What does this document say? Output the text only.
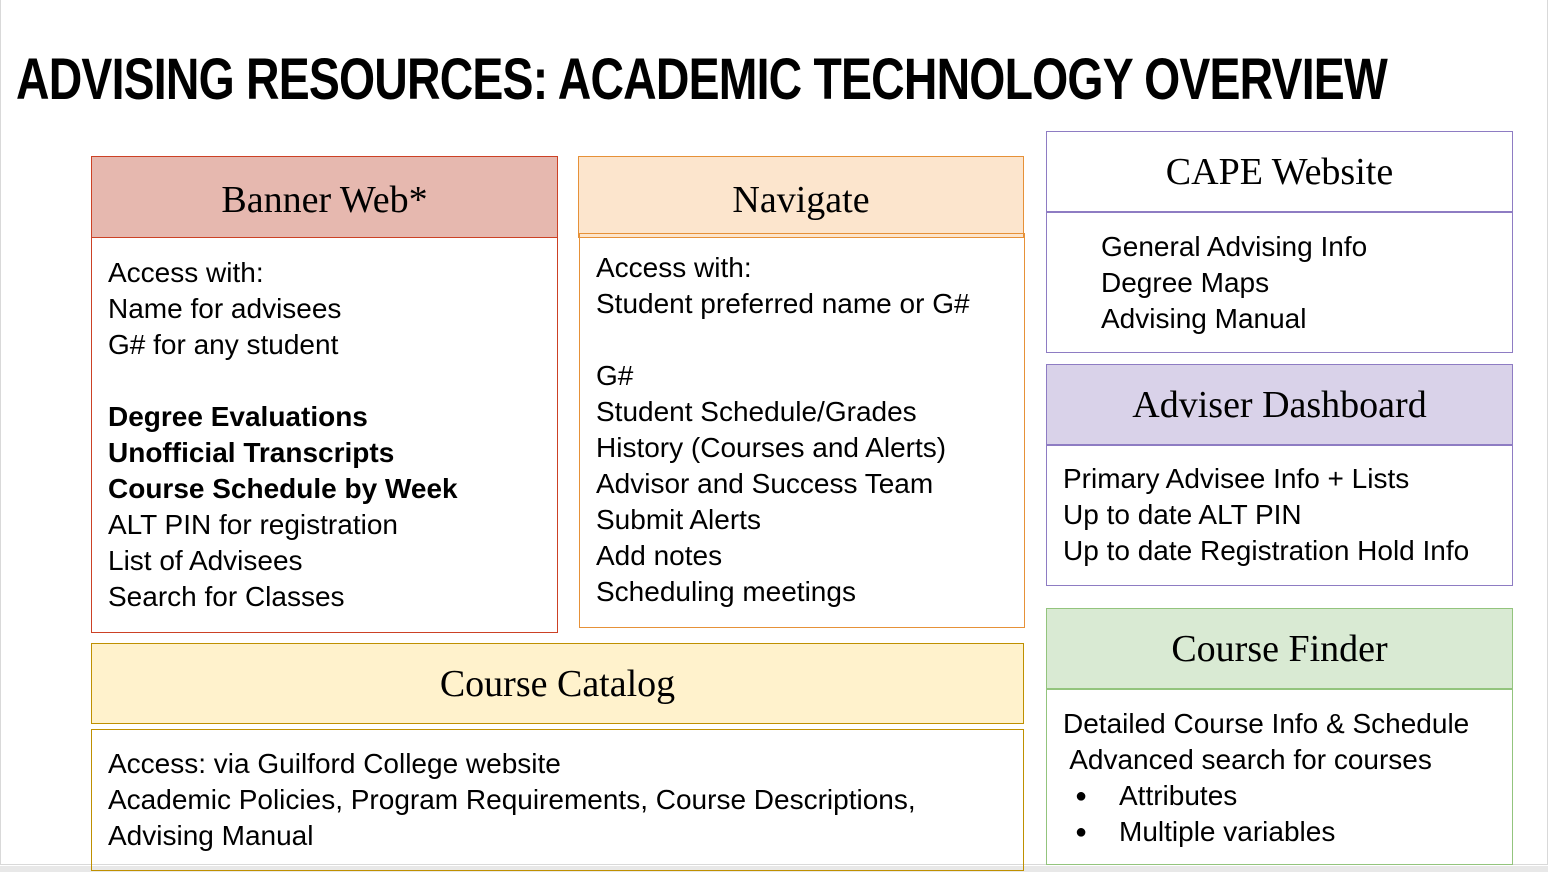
ADVISING RESOURCES: ACADEMIC TECHNOLOGY OVERVIEW
Banner Web*
Access with:
Name for advisees
G# for any student
Degree Evaluations
Unofficial Transcripts
Course Schedule by Week
ALT PIN for registration
List of Advisees
Search for Classes
Navigate
Access with:
Student preferred name or G#
G#
Student Schedule/Grades
History (Courses and Alerts)
Advisor and Success Team
Submit Alerts
Add notes
Scheduling meetings
Course Catalog
Access: via Guilford College website
Academic Policies, Program Requirements, Course Descriptions,
Advising Manual
CAPE Website
General Advising Info
Degree Maps
Advising Manual
Adviser Dashboard
Primary Advisee Info + Lists
Up to date ALT PIN
Up to date Registration Hold Info
Course Finder
Detailed Course Info & Schedule
Advanced search for courses
●	Attributes
●	Multiple variables
